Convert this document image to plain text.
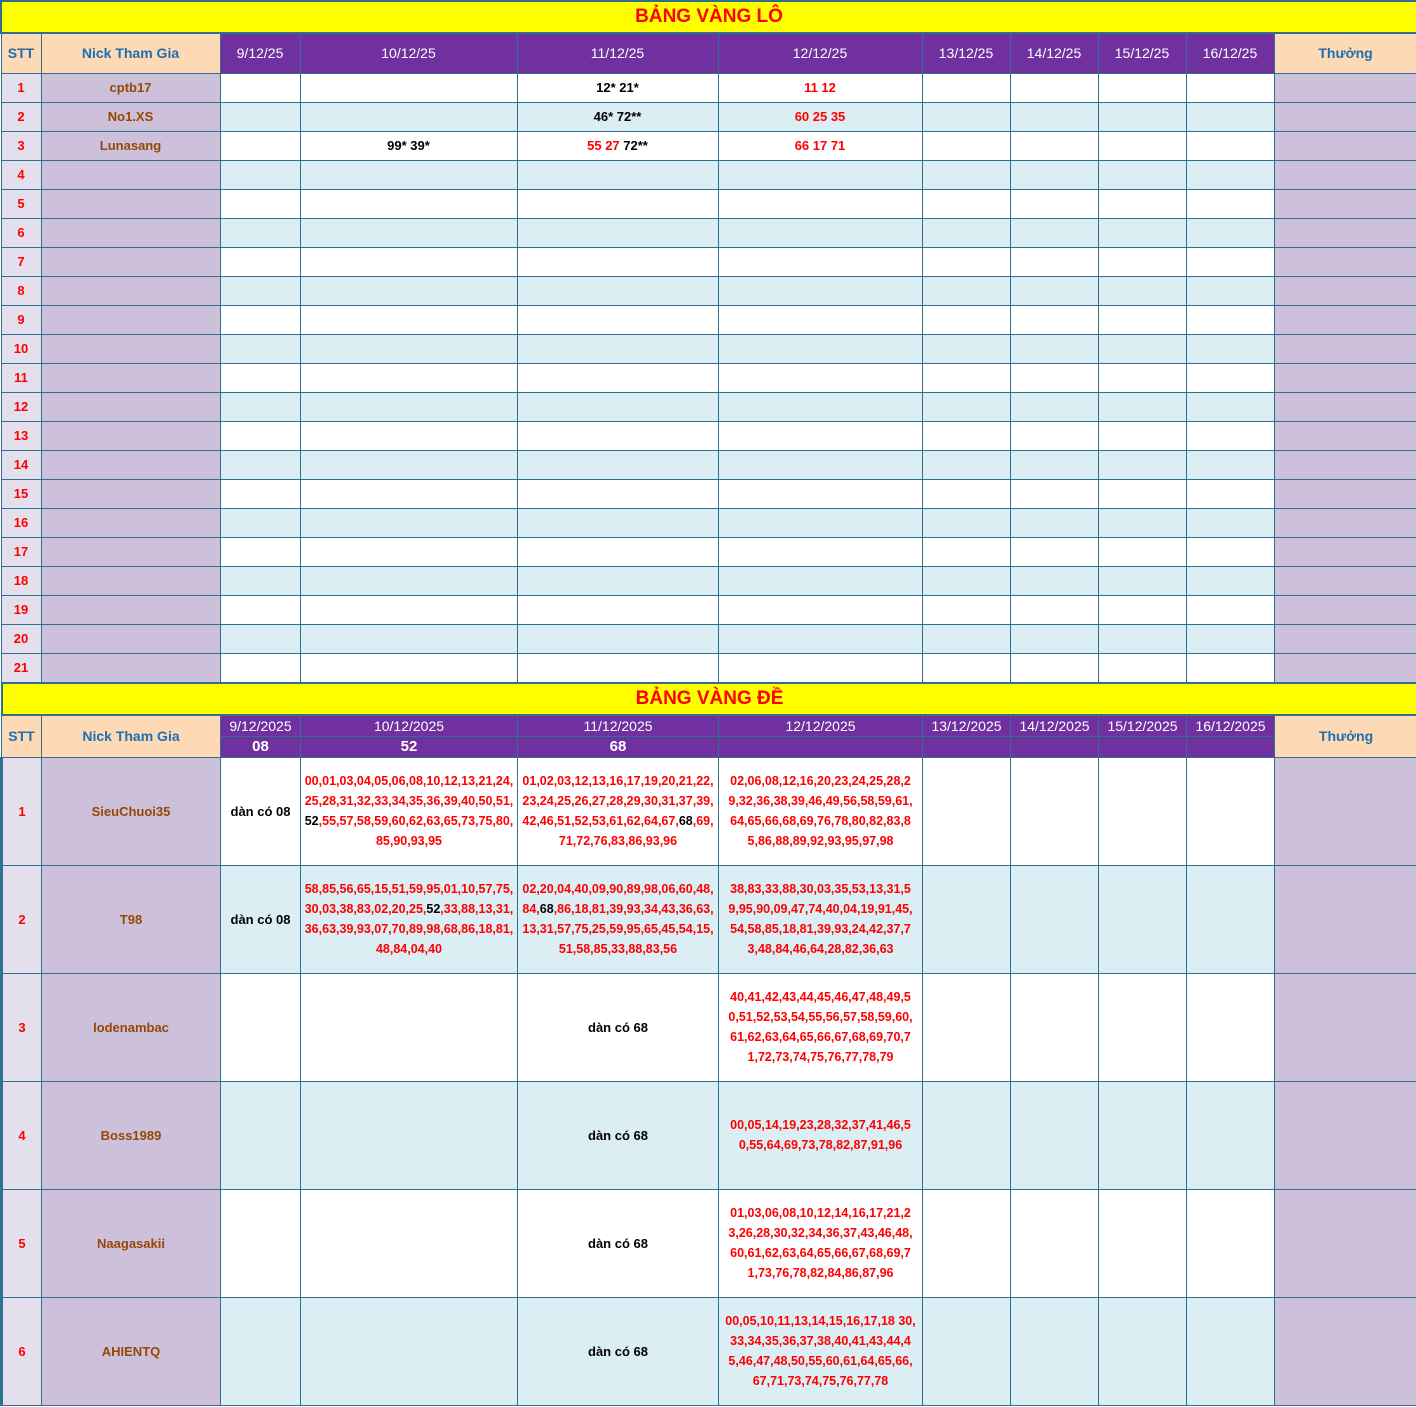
BẢNG VÀNG LÔ										
STT	Nick Tham Gia	9/12/25	10/12/25	11/12/25	12/12/25	13/12/25	14/12/25	15/12/25	16/12/25	Thưởng
1	cptb17			12* 21*	11 12					
2	No1.XS			46* 72**	60 25 35					
3	Lunasang		99* 39*	55 27 72**	66 17 71					
4										
5										
6										
7										
8										
9										
10										
11										
12										
13										
14										
15										
16										
17										
18										
19										
20										
21										
BẢNG VÀNG ĐỀ										
STT	Nick Tham Gia	9/12/2025	10/12/2025	11/12/2025	12/12/2025	13/12/2025	14/12/2025	15/12/2025	16/12/2025	Thưởng
		08	52	68						
1	SieuChuoi35	dàn có 08	00,01,03,04,05,06,08,10,12,13,21,24,25,28,31,32,33,34,35,36,39,40,50,51,52,55,57,58,59,60,62,63,65,73,75,80,85,90,93,95	01,02,03,12,13,16,17,19,20,21,22,23,24,25,26,27,28,29,30,31,37,39,42,46,51,52,53,61,62,64,67,68,69,71,72,76,83,86,93,96	02,06,08,12,16,20,23,24,25,28,29,32,36,38,39,46,49,56,58,59,61,64,65,66,68,69,76,78,80,82,83,85,86,88,89,92,93,95,97,98					

2	T98	dàn có 08	58,85,56,65,15,51,59,95,01,10,57,75,30,03,38,83,02,20,25,52,33,88,13,31,36,63,39,93,07,70,89,98,68,86,18,81,48,84,04,40	02,20,04,40,09,90,89,98,06,60,48,84,68,86,18,81,39,93,34,43,36,63,13,31,57,75,25,59,95,65,45,54,15,51,58,85,33,88,83,56	38,83,33,88,30,03,35,53,13,31,59,95,90,09,47,74,40,04,19,91,45,54,58,85,18,81,39,93,24,42,37,73,48,84,46,64,28,82,36,63					

3	lodenambac			dàn có 68	40,41,42,43,44,45,46,47,48,49,50,51,52,53,54,55,56,57,58,59,60,61,62,63,64,65,66,67,68,69,70,71,72,73,74,75,76,77,78,79					

4	Boss1989			dàn có 68	00,05,14,19,23,28,32,37,41,46,50,55,64,69,73,78,82,87,91,96					

5	Naagasakii			dàn có 68	01,03,06,08,10,12,14,16,17,21,23,26,28,30,32,34,36,37,43,46,48,60,61,62,63,64,65,66,67,68,69,71,73,76,78,82,84,86,87,96					

6	AHIENTQ			dàn có 68	00,05,10,11,13,14,15,16,17,18 30,33,34,35,36,37,38,40,41,43,44,45,46,47,48,50,55,60,61,64,65,66,67,71,73,74,75,76,77,78					
